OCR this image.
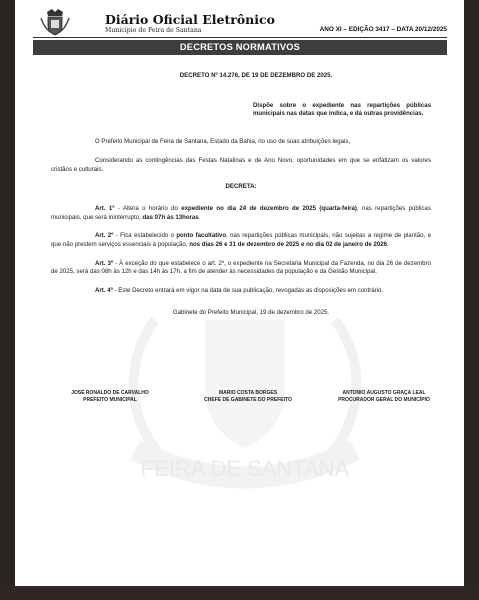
Diário Oficial Eletrônico
Município de Feira de Santana	ANO XI – EDIÇÃO 3417 – DATA 20/12/2025
DECRETOS NORMATIVOS
FEIRA DE SANTANA

DECRETO Nº 14.276, DE 19 DE DEZEMBRO DE 2025.

Dispõe sobre o expediente nas repartições públicas municipais nas datas que indica, e dá outras providências.

O Prefeito Municipal de Feira de Santana, Estado da Bahia, no uso de suas atribuições legais,

Considerando as contingências das Festas Natalinas e de Ano Novo, oportunidades em que se enfatizam os valores cristãos e culturais,

DECRETA:

Art. 1º - Altera o horário do expediente no dia 24 de dezembro de 2025 (quarta-feira), nas repartições públicas municipais, que será ininterrupto, das 07h às 13horas.

Art. 2º - Fica estabelecido o ponto facultativo, nas repartições públicas municipais, não sujeitas a regime de plantão, e que não prestem serviços essenciais à população, nos dias 26 e 31 de dezembro de 2025 e no dia 02 de janeiro de 2026.

Art. 3º - À exceção do que estabelece o art. 2º, o expediente na Secretaria Municipal da Fazenda, no dia 26 de dezembro de 2025, será das 08h às 12h e das 14h às 17h, a fim de atender às necessidades da população e da Gestão Municipal.

Art. 4º - Este Decreto entrará em vigor na data de sua publicação, revogadas as disposições em contrário.

Gabinete do Prefeito Municipal, 19 de dezembro de 2025.

JOSÉ RONALDO DE CARVALHO
PREFEITO MUNICIPAL
MARIO COSTA BORGES
CHEFE DE GABINETE DO PREFEITO
ANTONIO AUGUSTO GRAÇA LEAL
PROCURADOR GERAL DO MUNICÍPIO
